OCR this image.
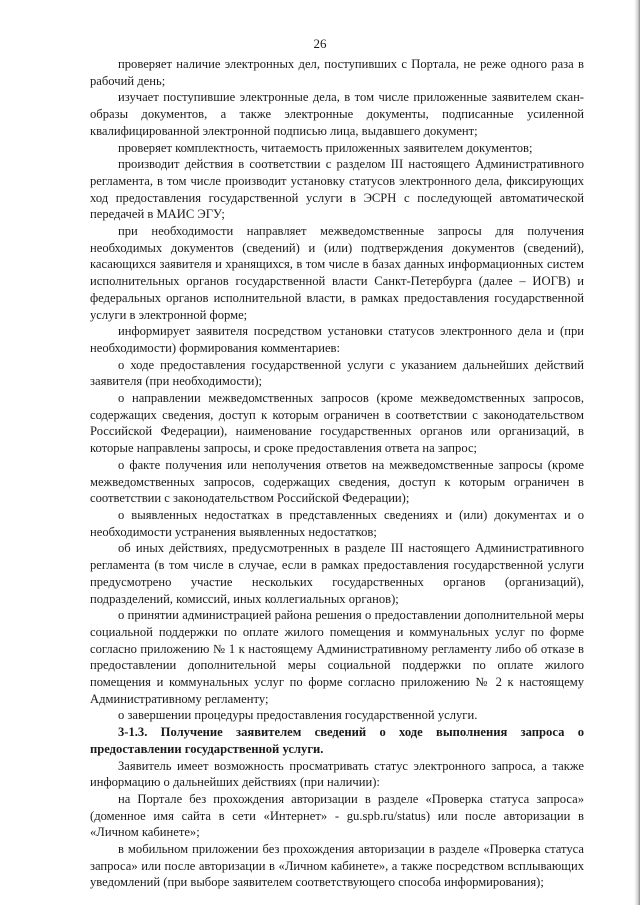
26

проверяет наличие электронных дел, поступивших с Портала, не реже одного раза в рабочий день;

изучает поступившие электронные дела, в том числе приложенные заявителем скан-образы документов, а также электронные документы, подписанные усиленной квалифицированной электронной подписью лица, выдавшего документ;

проверяет комплектность, читаемость приложенных заявителем документов;

производит действия в соответствии с разделом III настоящего Административного регламента, в том числе производит установку статусов электронного дела, фиксирующих ход предоставления государственной услуги в ЭСРН с последующей автоматической передачей в МАИС ЭГУ;

при необходимости направляет межведомственные запросы для получения необходимых документов (сведений) и (или) подтверждения документов (сведений), касающихся заявителя и хранящихся, в том числе в базах данных информационных систем исполнительных органов государственной власти Санкт-Петербурга (далее – ИОГВ) и федеральных органов исполнительной власти, в рамках предоставления государственной услуги в электронной форме;

информирует заявителя посредством установки статусов электронного дела и (при необходимости) формирования комментариев:

о ходе предоставления государственной услуги с указанием дальнейших действий заявителя (при необходимости);

о направлении межведомственных запросов (кроме межведомственных запросов, содержащих сведения, доступ к которым ограничен в соответствии с законодательством Российской Федерации), наименование государственных органов или организаций, в которые направлены запросы, и сроке предоставления ответа на запрос;

о факте получения или неполучения ответов на межведомственные запросы (кроме межведомственных запросов, содержащих сведения, доступ к которым ограничен в соответствии с законодательством Российской Федерации);

о выявленных недостатках в представленных сведениях и (или) документах и о необходимости устранения выявленных недостатков;

об иных действиях, предусмотренных в разделе III настоящего Административного регламента (в том числе в случае, если в рамках предоставления государственной услуги предусмотрено участие нескольких государственных органов (организаций), подразделений, комиссий, иных коллегиальных органов);

о принятии администрацией района решения о предоставлении дополнительной меры социальной поддержки по оплате жилого помещения и коммунальных услуг по форме согласно приложению № 1 к настоящему Административному регламенту либо об отказе в предоставлении дополнительной меры социальной поддержки по оплате жилого помещения и коммунальных услуг по форме согласно приложению № 2 к настоящему Административному регламенту;

о завершении процедуры предоставления государственной услуги.

3-1.3. Получение заявителем сведений о ходе выполнения запроса о предоставлении государственной услуги.

Заявитель имеет возможность просматривать статус электронного запроса, а также информацию о дальнейших действиях (при наличии):

на Портале без прохождения авторизации в разделе «Проверка статуса запроса» (доменное имя сайта в сети «Интернет» - gu.spb.ru/status) или после авторизации в «Личном кабинете»;

в мобильном приложении без прохождения авторизации в разделе «Проверка статуса запроса» или после авторизации в «Личном кабинете», а также посредством всплывающих уведомлений (при выборе заявителем соответствующего способа информирования);
